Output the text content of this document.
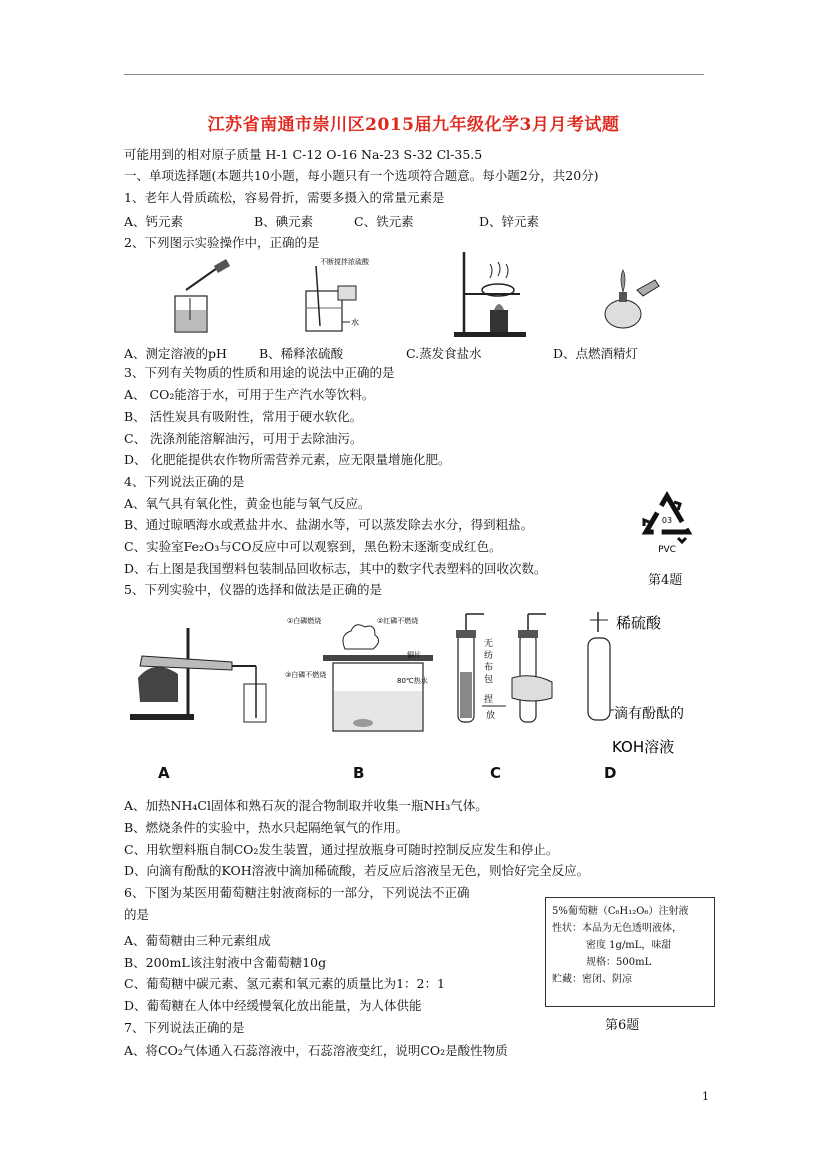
江苏省南通市崇川区2015届九年级化学3月月考试题
可能用到的相对原子质量 H-1 C-12 O-16 Na-23 S-32 Cl-35.5
一、单项选择题(本题共10小题，每小题只有一个选项符合题意。每小题2分，共20分)
1、老年人骨质疏松，容易骨折，需要多摄入的常量元素是
A、钙元素	B、碘元素	C、铁元素	D、锌元素
2、下列图示实验操作中，正确的是
不断搅拌浓硫酸
水
A、测定溶液的pH	B、稀释浓硫酸	C.蒸发食盐水	D、点燃酒精灯
3、下列有关物质的性质和用途的说法中正确的是
A、 CO₂能溶于水，可用于生产汽水等饮料。
B、 活性炭具有吸附性，常用于硬水软化。
C、 洗涤剂能溶解油污，可用于去除油污。
D、 化肥能提供农作物所需营养元素，应无限量增施化肥。
4、下列说法正确的是
A、氧气具有氧化性，黄金也能与氧气反应。
B、通过晾晒海水或煮盐井水、盐湖水等，可以蒸发除去水分，得到粗盐。
C、实验室Fe₂O₃与CO反应中可以观察到，黑色粉末逐渐变成红色。
D、右上图是我国塑料包装制品回收标志，其中的数字代表塑料的回收次数。
03
PVC
第4题
5、下列实验中，仪器的选择和做法是正确的是
①白磷燃烧	②红磷不燃烧
铜片
③白磷不燃烧
80℃热水
无
纺
布
包
捏
放
稀硫酸
滴有酚酞的
KOH溶液
A	B	C	D
A、加热NH₄Cl固体和熟石灰的混合物制取并收集一瓶NH₃气体。
B、燃烧条件的实验中，热水只起隔绝氧气的作用。
C、用软塑料瓶自制CO₂发生装置，通过捏放瓶身可随时控制反应发生和停止。
D、向滴有酚酞的KOH溶液中滴加稀硫酸，若反应后溶液呈无色，则恰好完全反应。
6、下图为某医用葡萄糖注射液商标的一部分，下列说法不正确
的是
A、葡萄糖由三种元素组成
B、200mL该注射液中含葡萄糖10g
C、葡萄糖中碳元素、氢元素和氧元素的质量比为1：2：1
D、葡萄糖在人体中经缓慢氧化放出能量，为人体供能
5%葡萄糖（C₆H₁₂O₆）注射液
性状：本品为无色透明液体，
密度 1g/mL，味甜
规格：500mL
贮藏：密闭、阴凉
第6题
7、下列说法正确的是
A、将CO₂气体通入石蕊溶液中，石蕊溶液变红，说明CO₂是酸性物质
1
